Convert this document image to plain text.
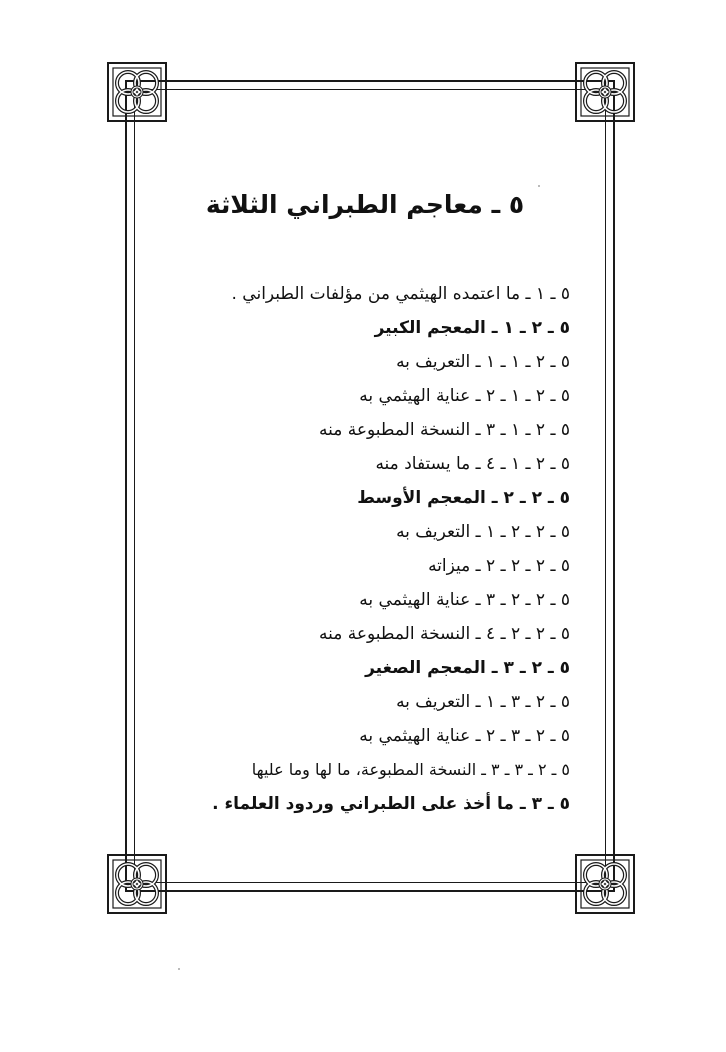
٥ ـ معاجم الطبراني الثلاثة
٥ ـ ١ ـ ما اعتمده الهيثمي من مؤلفات الطبراني .
٥ ـ ٢ ـ ١ ـ المعجم الكبير
٥ ـ ٢ ـ ١ ـ ١ ـ التعريف به
٥ ـ ٢ ـ ١ ـ ٢ ـ عناية الهيثمي به
٥ ـ ٢ ـ ١ ـ ٣ ـ النسخة المطبوعة منه
٥ ـ ٢ ـ ١ ـ ٤ ـ ما يستفاد منه
٥ ـ ٢ ـ ٢ ـ المعجم الأوسط
٥ ـ ٢ ـ ٢ ـ ١ ـ التعريف به
٥ ـ ٢ ـ ٢ ـ ٢ ـ ميزاته
٥ ـ ٢ ـ ٢ ـ ٣ ـ عناية الهيثمي به
٥ ـ ٢ ـ ٢ ـ ٤ ـ النسخة المطبوعة منه
٥ ـ ٢ ـ ٣ ـ المعجم الصغير
٥ ـ ٢ ـ ٣ ـ ١ ـ التعريف به
٥ ـ ٢ ـ ٣ ـ ٢ ـ عناية الهيثمي به
٥ ـ ٢ ـ ٣ ـ ٣ ـ النسخة المطبوعة، ما لها وما عليها
٥ ـ ٣ ـ ما أخذ على الطبراني وردود العلماء .
